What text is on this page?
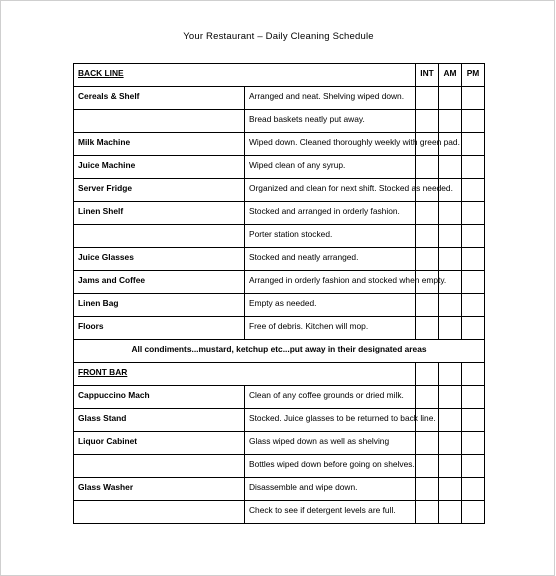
Your Restaurant – Daily Cleaning Schedule
BACK LINE		INT	AM	PM
Cereals & Shelf	Arranged and neat. Shelving wiped down.			
	Bread baskets neatly put away.			
Milk Machine	Wiped down. Cleaned thoroughly weekly with green pad.			
Juice Machine	Wiped clean of any syrup.			
Server Fridge	Organized and clean for next shift. Stocked as needed.			
Linen Shelf	Stocked and arranged in orderly fashion.			
	Porter station stocked.			
Juice Glasses	Stocked and neatly arranged.			
Jams and Coffee	Arranged in orderly fashion and stocked when empty.			
Linen Bag	Empty as needed.			
Floors	Free of debris. Kitchen will mop.			
All condiments...mustard, ketchup etc...put away in their designated areas				
FRONT BAR				
Cappuccino Mach	Clean of any coffee grounds or dried milk.			
Glass Stand	Stocked. Juice glasses to be returned to back line.			
Liquor Cabinet	Glass wiped down as well as shelving			
	Bottles wiped down before going on shelves.			
Glass Washer	Disassemble and wipe down.			
	Check to see if detergent levels are full.			
